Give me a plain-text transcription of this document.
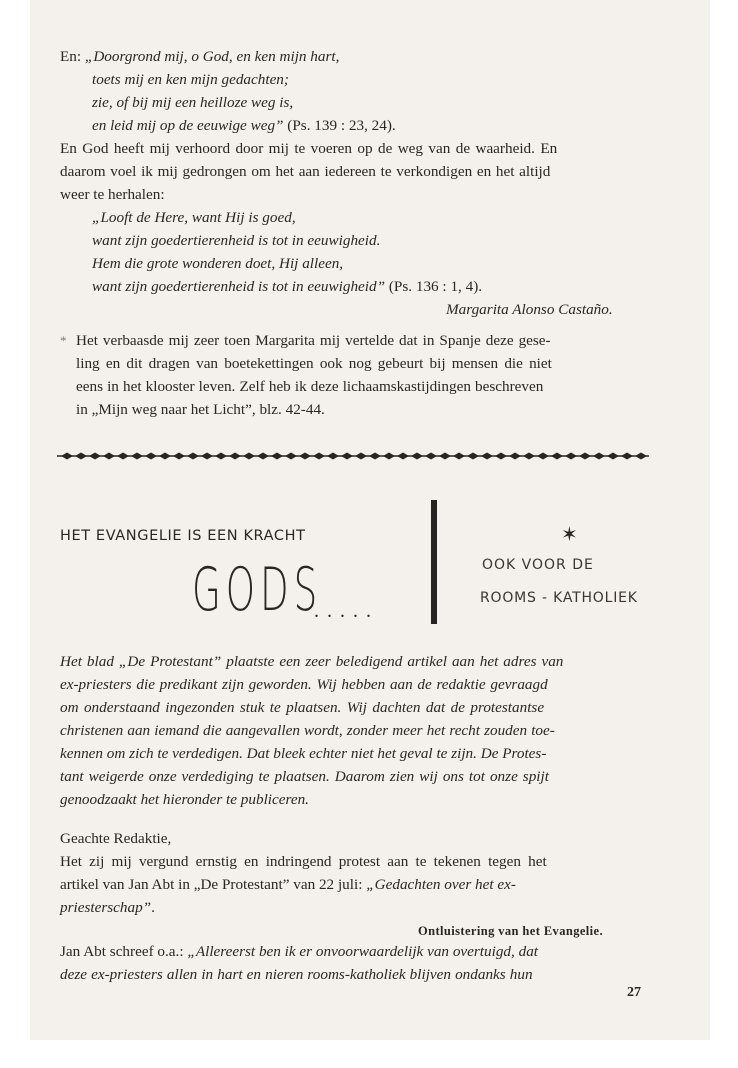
En: „Doorgrond mij, o God, en ken mijn hart,
toets mij en ken mijn gedachten;
zie, of bij mij een heilloze weg is,
en leid mij op de eeuwige weg” (Ps. 139 : 23, 24).
En God heeft mij verhoord door mij te voeren op de weg van de waarheid. En
daarom voel ik mij gedrongen om het aan iedereen te verkondigen en het altijd
weer te herhalen:
„Looft de Here, want Hij is goed,
want zijn goedertierenheid is tot in eeuwigheid.
Hem die grote wonderen doet, Hij alleen,
want zijn goedertierenheid is tot in eeuwigheid” (Ps. 136 : 1, 4).
Margarita Alonso Castaño.
* Het verbaasde mij zeer toen Margarita mij vertelde dat in Spanje deze gese-
ling en dit dragen van boetekettingen ook nog gebeurt bij mensen die niet
eens in het klooster leven. Zelf heb ik deze lichaamskastijdingen beschreven
in „Mijn weg naar het Licht”, blz. 42-44.
HET EVANGELIE IS EEN KRACHT
GODS
.....
✶
OOK VOOR DE
ROOMS - KATHOLIEK
Het blad „De Protestant” plaatste een zeer beledigend artikel aan het adres van
ex-priesters die predikant zijn geworden. Wij hebben aan de redaktie gevraagd
om onderstaand ingezonden stuk te plaatsen. Wij dachten dat de protestantse
christenen aan iemand die aangevallen wordt, zonder meer het recht zouden toe-
kennen om zich te verdedigen. Dat bleek echter niet het geval te zijn. De Protes-
tant weigerde onze verdediging te plaatsen. Daarom zien wij ons tot onze spijt
genoodzaakt het hieronder te publiceren.
Geachte Redaktie,
Het zij mij vergund ernstig en indringend protest aan te tekenen tegen het
artikel van Jan Abt in „De Protestant” van 22 juli: „Gedachten over het ex-
priesterschap”.
Ontluistering van het Evangelie.
Jan Abt schreef o.a.: „Allereerst ben ik er onvoorwaardelijk van overtuigd, dat
deze ex-priesters allen in hart en nieren rooms-katholiek blijven ondanks hun
27
